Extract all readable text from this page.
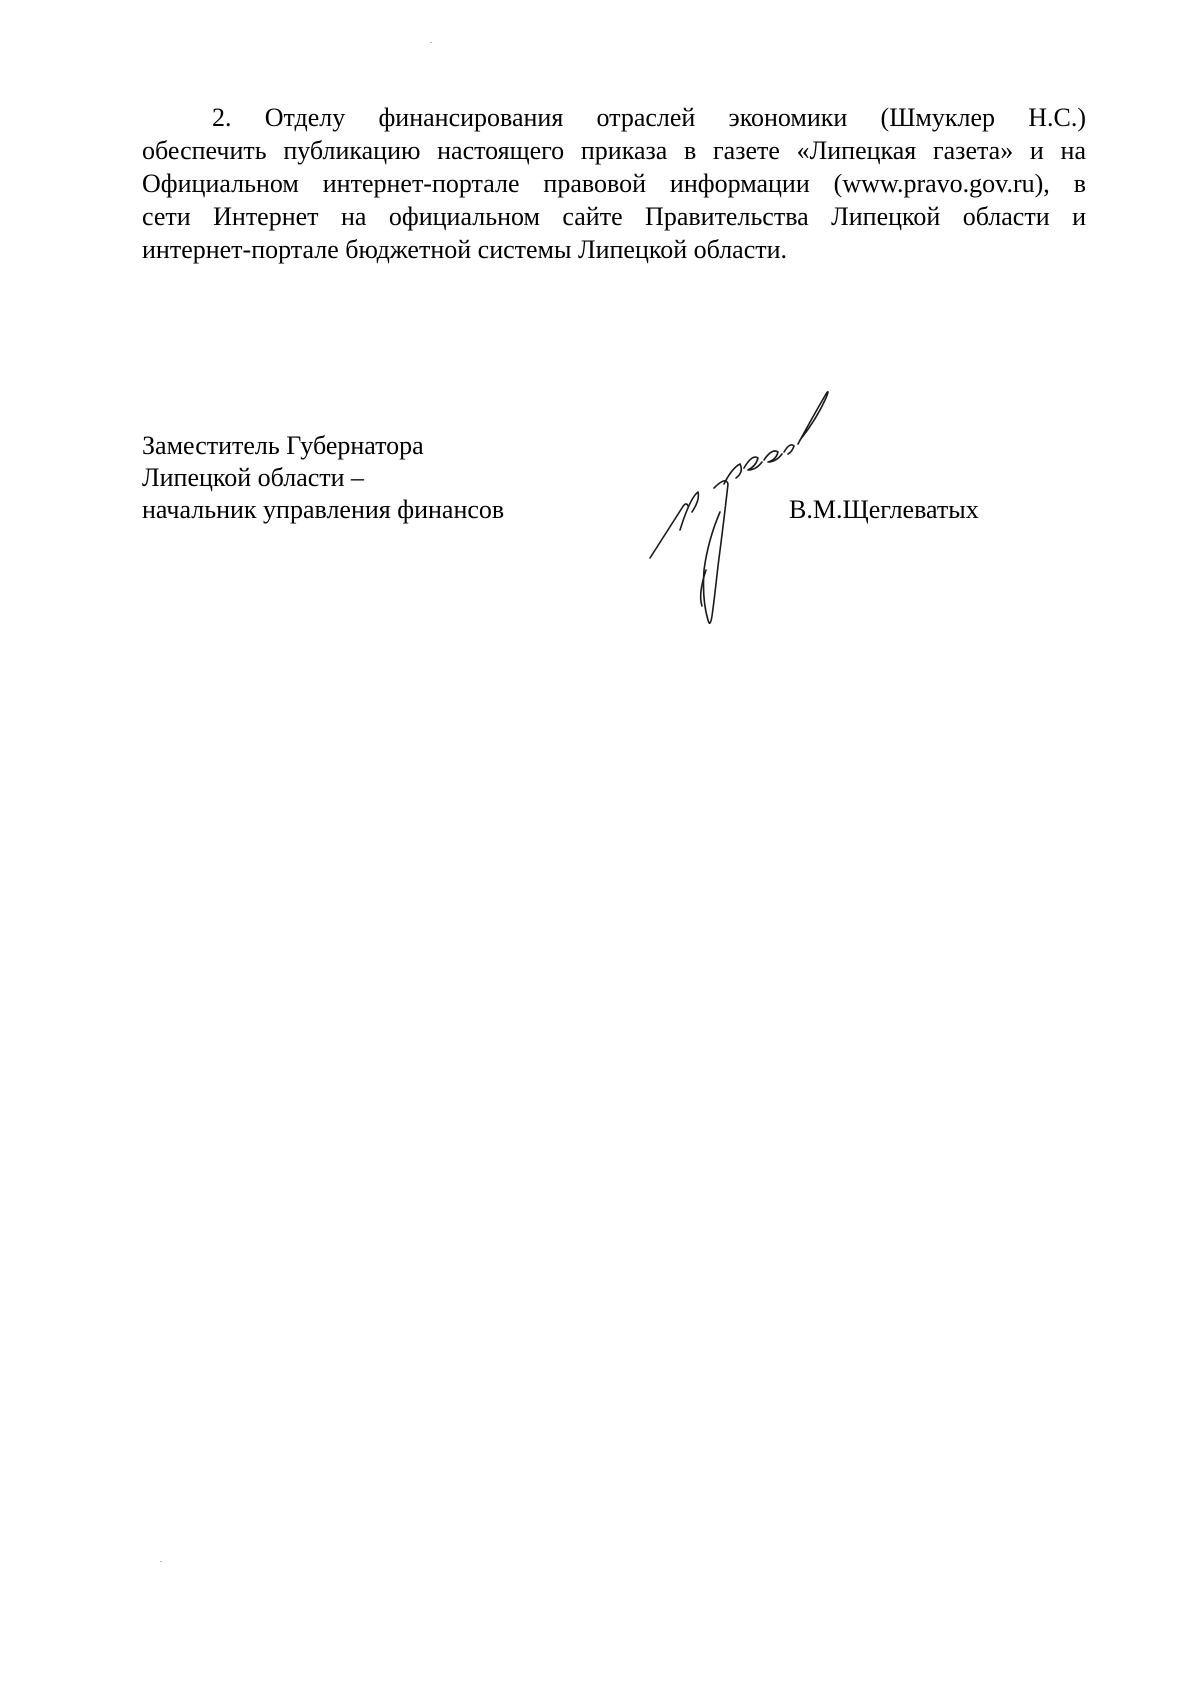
2. Отделу финансирования отраслей экономики (Шмуклер Н.С.)
обеспечить публикацию настоящего приказа в газете «Липецкая газета» и на
Официальном интернет-портале правовой информации (www.pravo.gov.ru), в
сети Интернет на официальном сайте Правительства Липецкой области и
интернет-портале бюджетной системы Липецкой области.
Заместитель Губернатора
Липецкой области –
начальник управления финансов	В.М.Щеглеватых
